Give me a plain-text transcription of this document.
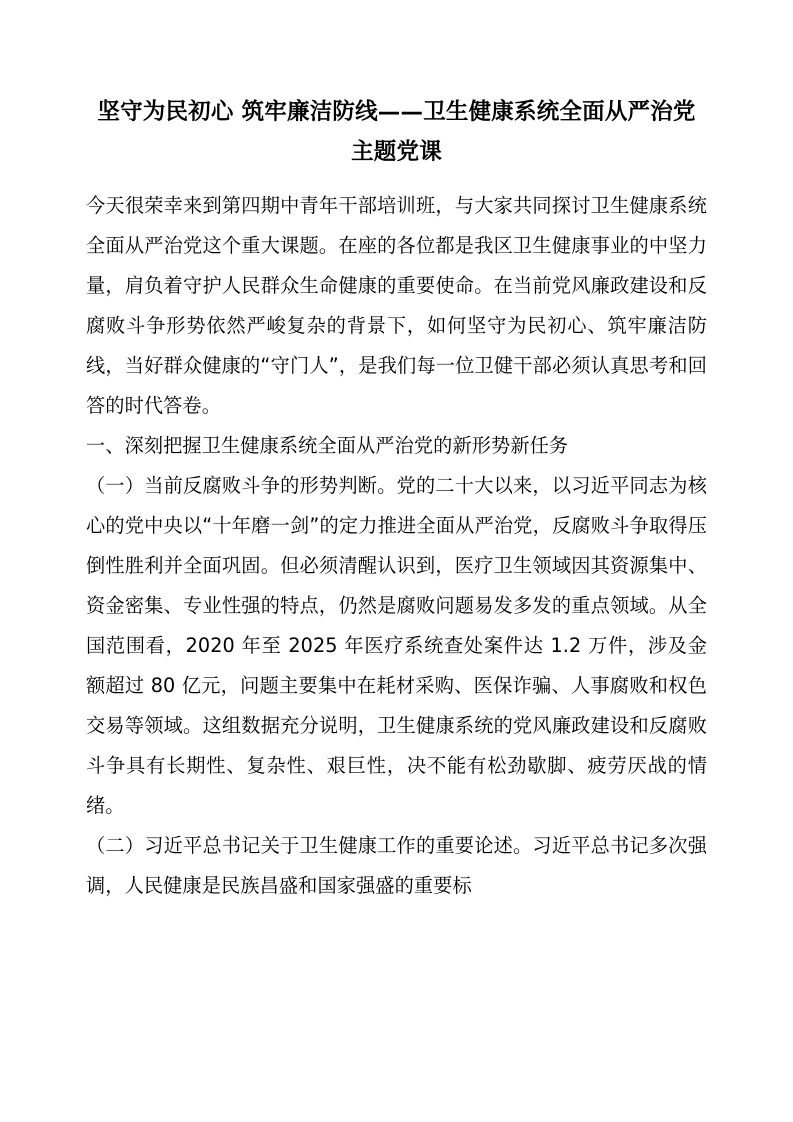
坚守为民初心 筑牢廉洁防线——卫生健康系统全面从严治党主题党课

今天很荣幸来到第四期中青年干部培训班，与大家共同探讨卫生健康系统全面从严治党这个重大课题。在座的各位都是我区卫生健康事业的中坚力量，肩负着守护人民群众生命健康的重要使命。在当前党风廉政建设和反腐败斗争形势依然严峻复杂的背景下，如何坚守为民初心、筑牢廉洁防线，当好群众健康的“守门人”，是我们每一位卫健干部必须认真思考和回答的时代答卷。

一、深刻把握卫生健康系统全面从严治党的新形势新任务

（一）当前反腐败斗争的形势判断。党的二十大以来，以习近平同志为核心的党中央以“十年磨一剑”的定力推进全面从严治党，反腐败斗争取得压倒性胜利并全面巩固。但必须清醒认识到，医疗卫生领域因其资源集中、资金密集、专业性强的特点，仍然是腐败问题易发多发的重点领域。从全国范围看，2020 年至 2025 年医疗系统查处案件达 1.2 万件，涉及金额超过 80 亿元，问题主要集中在耗材采购、医保诈骗、人事腐败和权色交易等领域。这组数据充分说明，卫生健康系统的党风廉政建设和反腐败斗争具有长期性、复杂性、艰巨性，决不能有松劲歇脚、疲劳厌战的情绪。

（二）习近平总书记关于卫生健康工作的重要论述。习近平总书记多次强调，人民健康是民族昌盛和国家强盛的重要标
